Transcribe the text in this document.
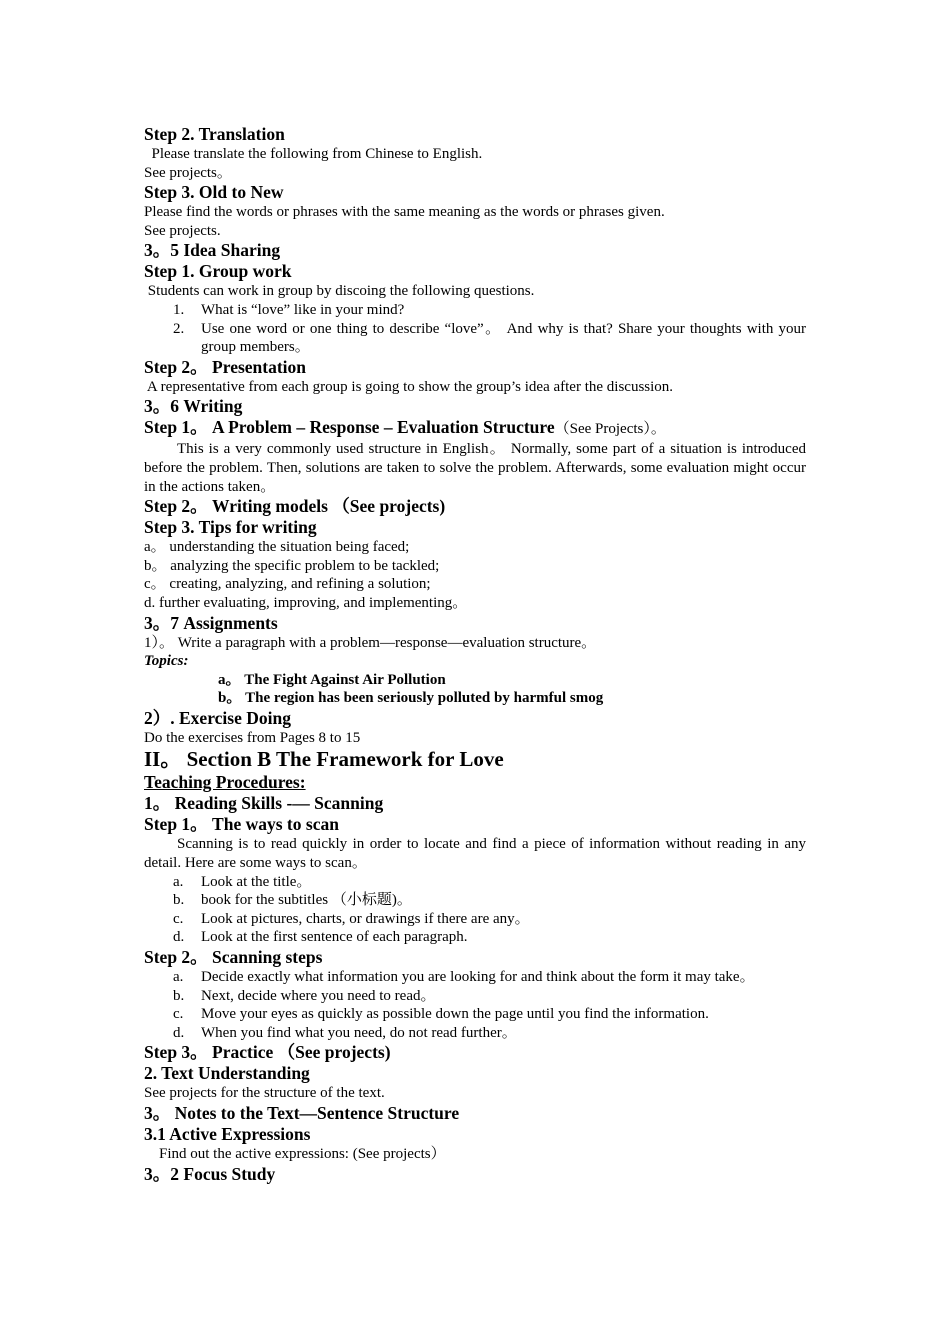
Step 2. Translation
Please translate the following from Chinese to English.
See projects。
Step 3. Old to New
Please find the words or phrases with the same meaning as the words or phrases given.
See projects.
3。5 Idea Sharing
Step 1. Group work
Students can work in group by discoing the following questions.
1. What is “love” like in your mind?
2. Use one word or one thing to describe “love”。 And why is that? Share your thoughts with your group members。
Step 2。 Presentation
A representative from each group is going to show the group’s idea after the discussion.
3。6 Writing
Step 1。 A Problem – Response – Evaluation Structure（See Projects）。
This is a very commonly used structure in English。 Normally, some part of a situation is introduced before the problem. Then, solutions are taken to solve the problem. Afterwards, some evaluation might occur in the actions taken。
Step 2。 Writing models （See projects)
Step 3. Tips for writing
a。 understanding the situation being faced;
b。 analyzing the specific problem to be tackled;
c。 creating, analyzing, and refining a solution;
d. further evaluating, improving, and implementing。
3。7 Assignments
1）。 Write a paragraph with a problem—response—evaluation structure。
Topics:
a。 The Fight Against Air Pollution
b。 The region has been seriously polluted by harmful smog
2）. Exercise Doing
Do the exercises from Pages 8 to 15
II。 Section B The Framework for Love
Teaching Procedures:
1。 Reading Skills -— Scanning
Step 1。 The ways to scan
Scanning is to read quickly in order to locate and find a piece of information without reading in any detail. Here are some ways to scan。
a. Look at the title。
b. book for the subtitles （小标题)。
c. Look at pictures, charts, or drawings if there are any。
d. Look at the first sentence of each paragraph.
Step 2。 Scanning steps
a. Decide exactly what information you are looking for and think about the form it may take。
b. Next, decide where you need to read。
c. Move your eyes as quickly as possible down the page until you find the information.
d. When you find what you need, do not read further。
Step 3。 Practice （See projects)
2. Text Understanding
See projects for the structure of the text.
3。 Notes to the Text—Sentence Structure
3.1 Active Expressions
Find out the active expressions: (See projects）
3。2 Focus Study
